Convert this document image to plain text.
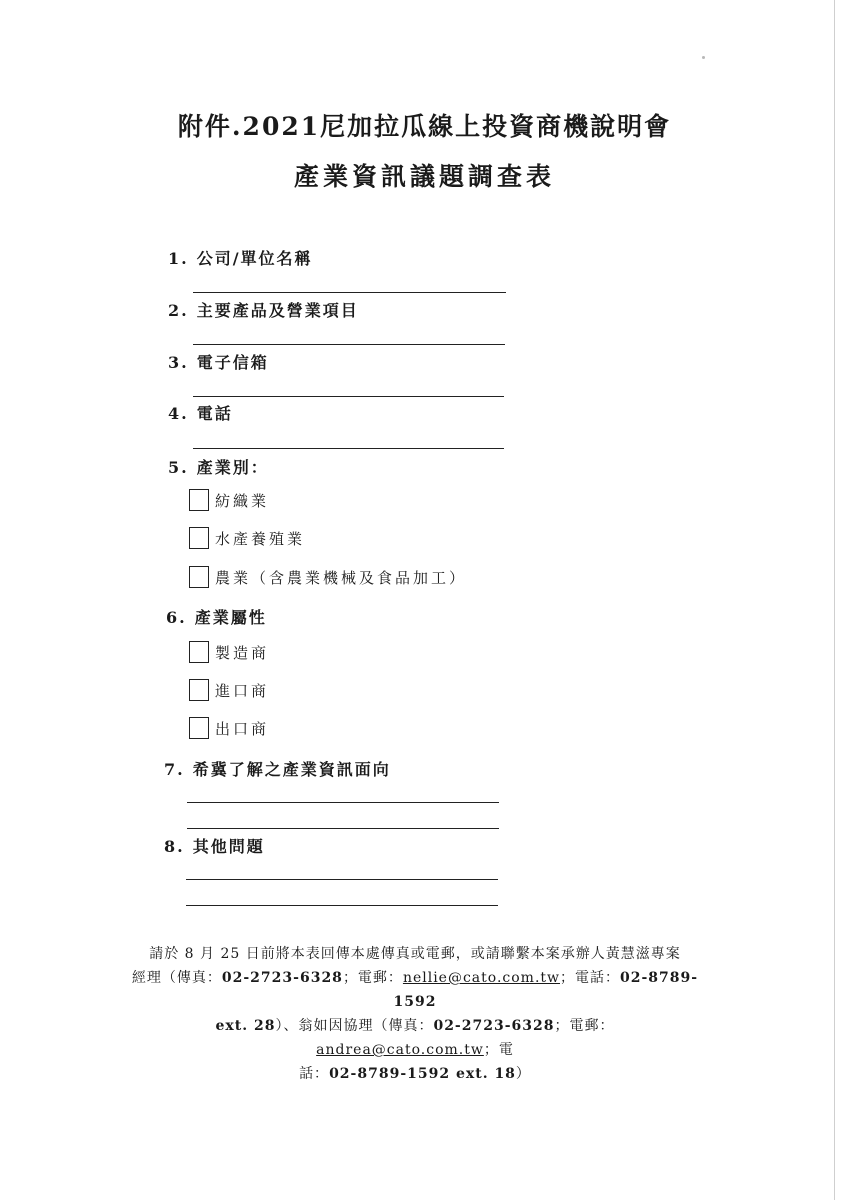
附件.2021尼加拉瓜線上投資商機說明會
產業資訊議題調查表
1. 公司/單位名稱
2. 主要產品及營業項目
3. 電子信箱
4. 電話
5. 產業別：
紡織業
水產養殖業
農業（含農業機械及食品加工）
6. 產業屬性
製造商
進口商
出口商
7. 希冀了解之產業資訊面向
8. 其他問題
請於 8 月 25 日前將本表回傳本處傳真或電郵，或請聯繫本案承辦人黃慧滋專案
經理（傳真：02-2723-6328；電郵：nellie@cato.com.tw；電話：02-8789-1592
ext. 28）、翁如因協理（傳真：02-2723-6328；電郵：andrea@cato.com.tw；電
話：02-8789-1592 ext. 18）
